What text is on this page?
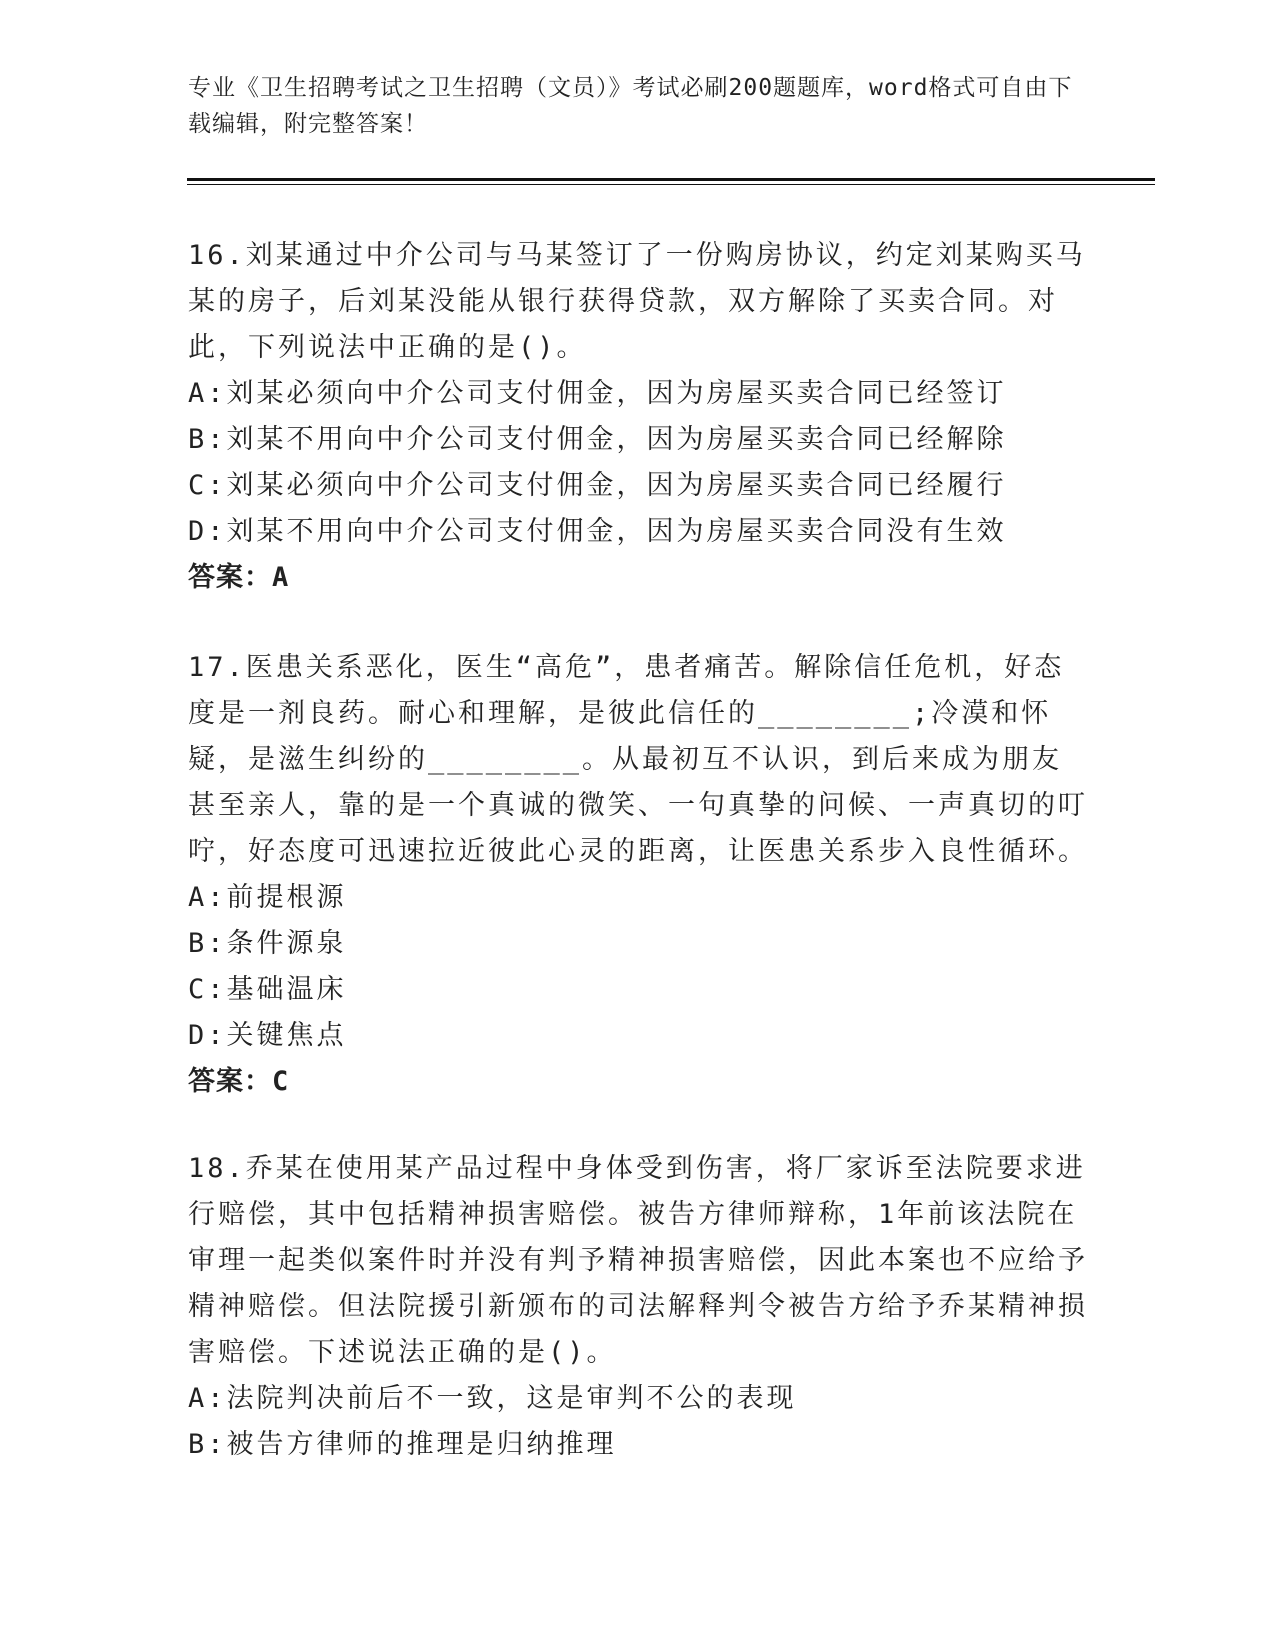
专业《卫生招聘考试之卫生招聘（文员）》考试必刷200题题库，word格式可自由下载编辑，附完整答案！

16.刘某通过中介公司与马某签订了一份购房协议，约定刘某购买马某的房子，后刘某没能从银行获得贷款，双方解除了买卖合同。对此，下列说法中正确的是()。

A:刘某必须向中介公司支付佣金，因为房屋买卖合同已经签订
B:刘某不用向中介公司支付佣金，因为房屋买卖合同已经解除
C:刘某必须向中介公司支付佣金，因为房屋买卖合同已经履行
D:刘某不用向中介公司支付佣金，因为房屋买卖合同没有生效
答案：A

17.医患关系恶化，医生“高危”，患者痛苦。解除信任危机，好态度是一剂良药。耐心和理解，是彼此信任的________;冷漠和怀疑，是滋生纠纷的________。从最初互不认识，到后来成为朋友甚至亲人，靠的是一个真诚的微笑、一句真挚的问候、一声真切的叮咛，好态度可迅速拉近彼此心灵的距离，让医患关系步入良性循环。

A:前提根源
B:条件源泉
C:基础温床
D:关键焦点
答案：C

18.乔某在使用某产品过程中身体受到伤害，将厂家诉至法院要求进行赔偿，其中包括精神损害赔偿。被告方律师辩称，1年前该法院在审理一起类似案件时并没有判予精神损害赔偿，因此本案也不应给予精神赔偿。但法院援引新颁布的司法解释判令被告方给予乔某精神损害赔偿。下述说法正确的是()。

A:法院判决前后不一致，这是审判不公的表现
B:被告方律师的推理是归纳推理
